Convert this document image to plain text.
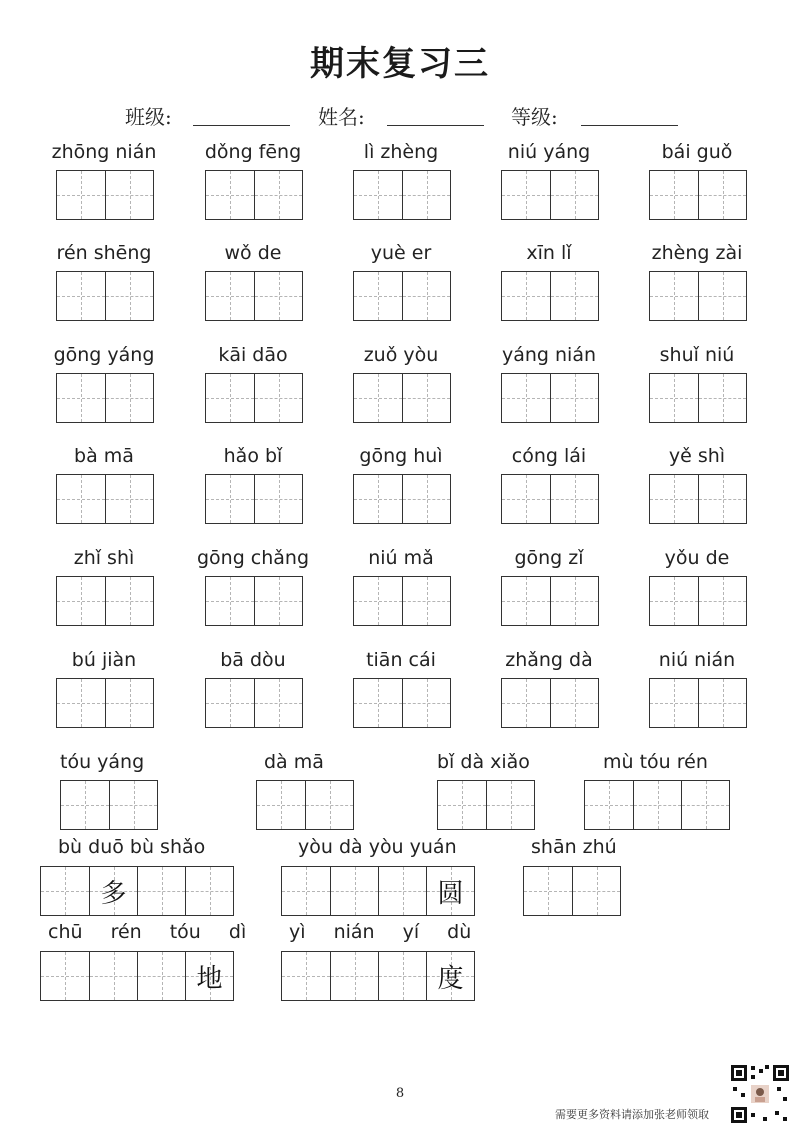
期末复习三
班级:	姓名:	等级:
zhōng nián	dǒng fēng	lì zhèng	niú yáng	bái guǒ
rén shēng	wǒ de	yuè er	xīn lǐ	zhèng zài
gōng yáng	kāi dāo	zuǒ yòu	yáng nián	shuǐ niú
bà mā	hǎo bǐ	gōng huì	cóng lái	yě shì
zhǐ shì	gōng chǎng	niú mǎ	gōng zǐ	yǒu de
bú jiàn	bā dòu	tiān cái	zhǎng dà	niú nián
tóu yáng	dà mā	bǐ dà xiǎo	mù tóu rén
bù duō bù shǎo
多
yòu dà yòu yuán
圆
shān zhú
chū rén tóu dì
地
yì nián yí dù
度
8
需要更多资料请添加张老师领取
